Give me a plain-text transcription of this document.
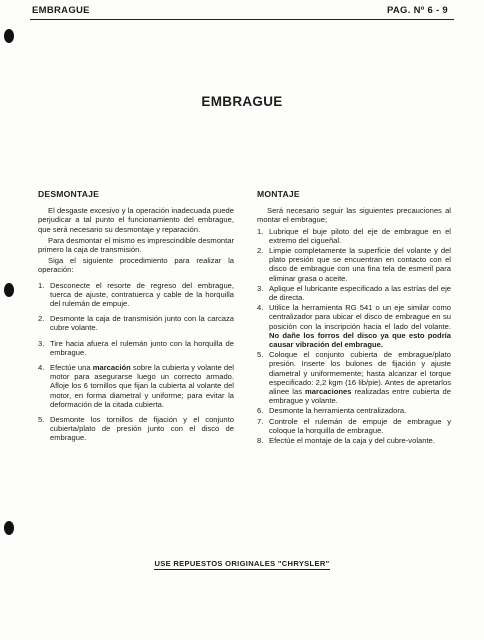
EMBRAGUE	PAG. Nº 6 - 9
EMBRAGUE
DESMONTAJE

El desgaste excesivo y la operación inadecuada puede perjudicar a tal punto el funcionamiento del embrague, que será necesario su desmontaje y reparación.

Para desmontar el mismo es imprescindible desmontar primero la caja de transmisión.

Siga el siguiente procedimiento para realizar la operación:

1. Desconecte el resorte de regreso del embrague, tuerca de ajuste, contratuerca y cable de la horquilla del rulemán de empuje.
2. Desmonte la caja de transmisión junto con la carcaza cubre volante.
3. Tire hacia afuera el rulemán junto con la horquilla de embrague.
4. Efectúe una marcación sobre la cubierta y volante del motor para asegurarse luego un correcto armado. Afloje los 6 tornillos que fijan la cubierta al volante del motor, en forma diametral y uniforme; para evitar la deformación de la citada cubierta.
5. Desmonte los tornillos de fijación y el conjunto cubierta/plato de presión junto con el disco de embrague.
MONTAJE

Será necesario seguir las siguientes precauciones al montar el embrague;

1. Lubrique el buje piloto del eje de embrague en el extremo del cigueñal.
2. Limpie completamente la superficie del volante y del plato presión que se encuentran en contacto con el disco de embrague con una fina tela de esmeril para eliminar grasa o aceite.
3. Aplique el lubricante especificado a las estrías del eje de directa.
4. Utilice la herramienta RG 541 o un eje similar como centralizador para ubicar el disco de embrague en su posición con la inscripción hacia el lado del volante. No dañe los forros del disco ya que esto podría causar vibración del embrague.
5. Coloque el conjunto cubierta de embrague/plato presión. Inserte los bulones de fijación y ajuste diametral y uniformemente; hasta alcanzar el torque especificado: 2,2 kgm (16 lib/pie). Antes de apretarlos alinee las marcaciones realizadas entre cubierta de embrague y volante.
6. Desmonte la herramienta centralizadora.
7. Controle el rulemán de empuje de embrague y coloque la horquilla de embrague.
8. Efectúe el montaje de la caja y del cubre-volante.
USE REPUESTOS ORIGINALES "CHRYSLER"
